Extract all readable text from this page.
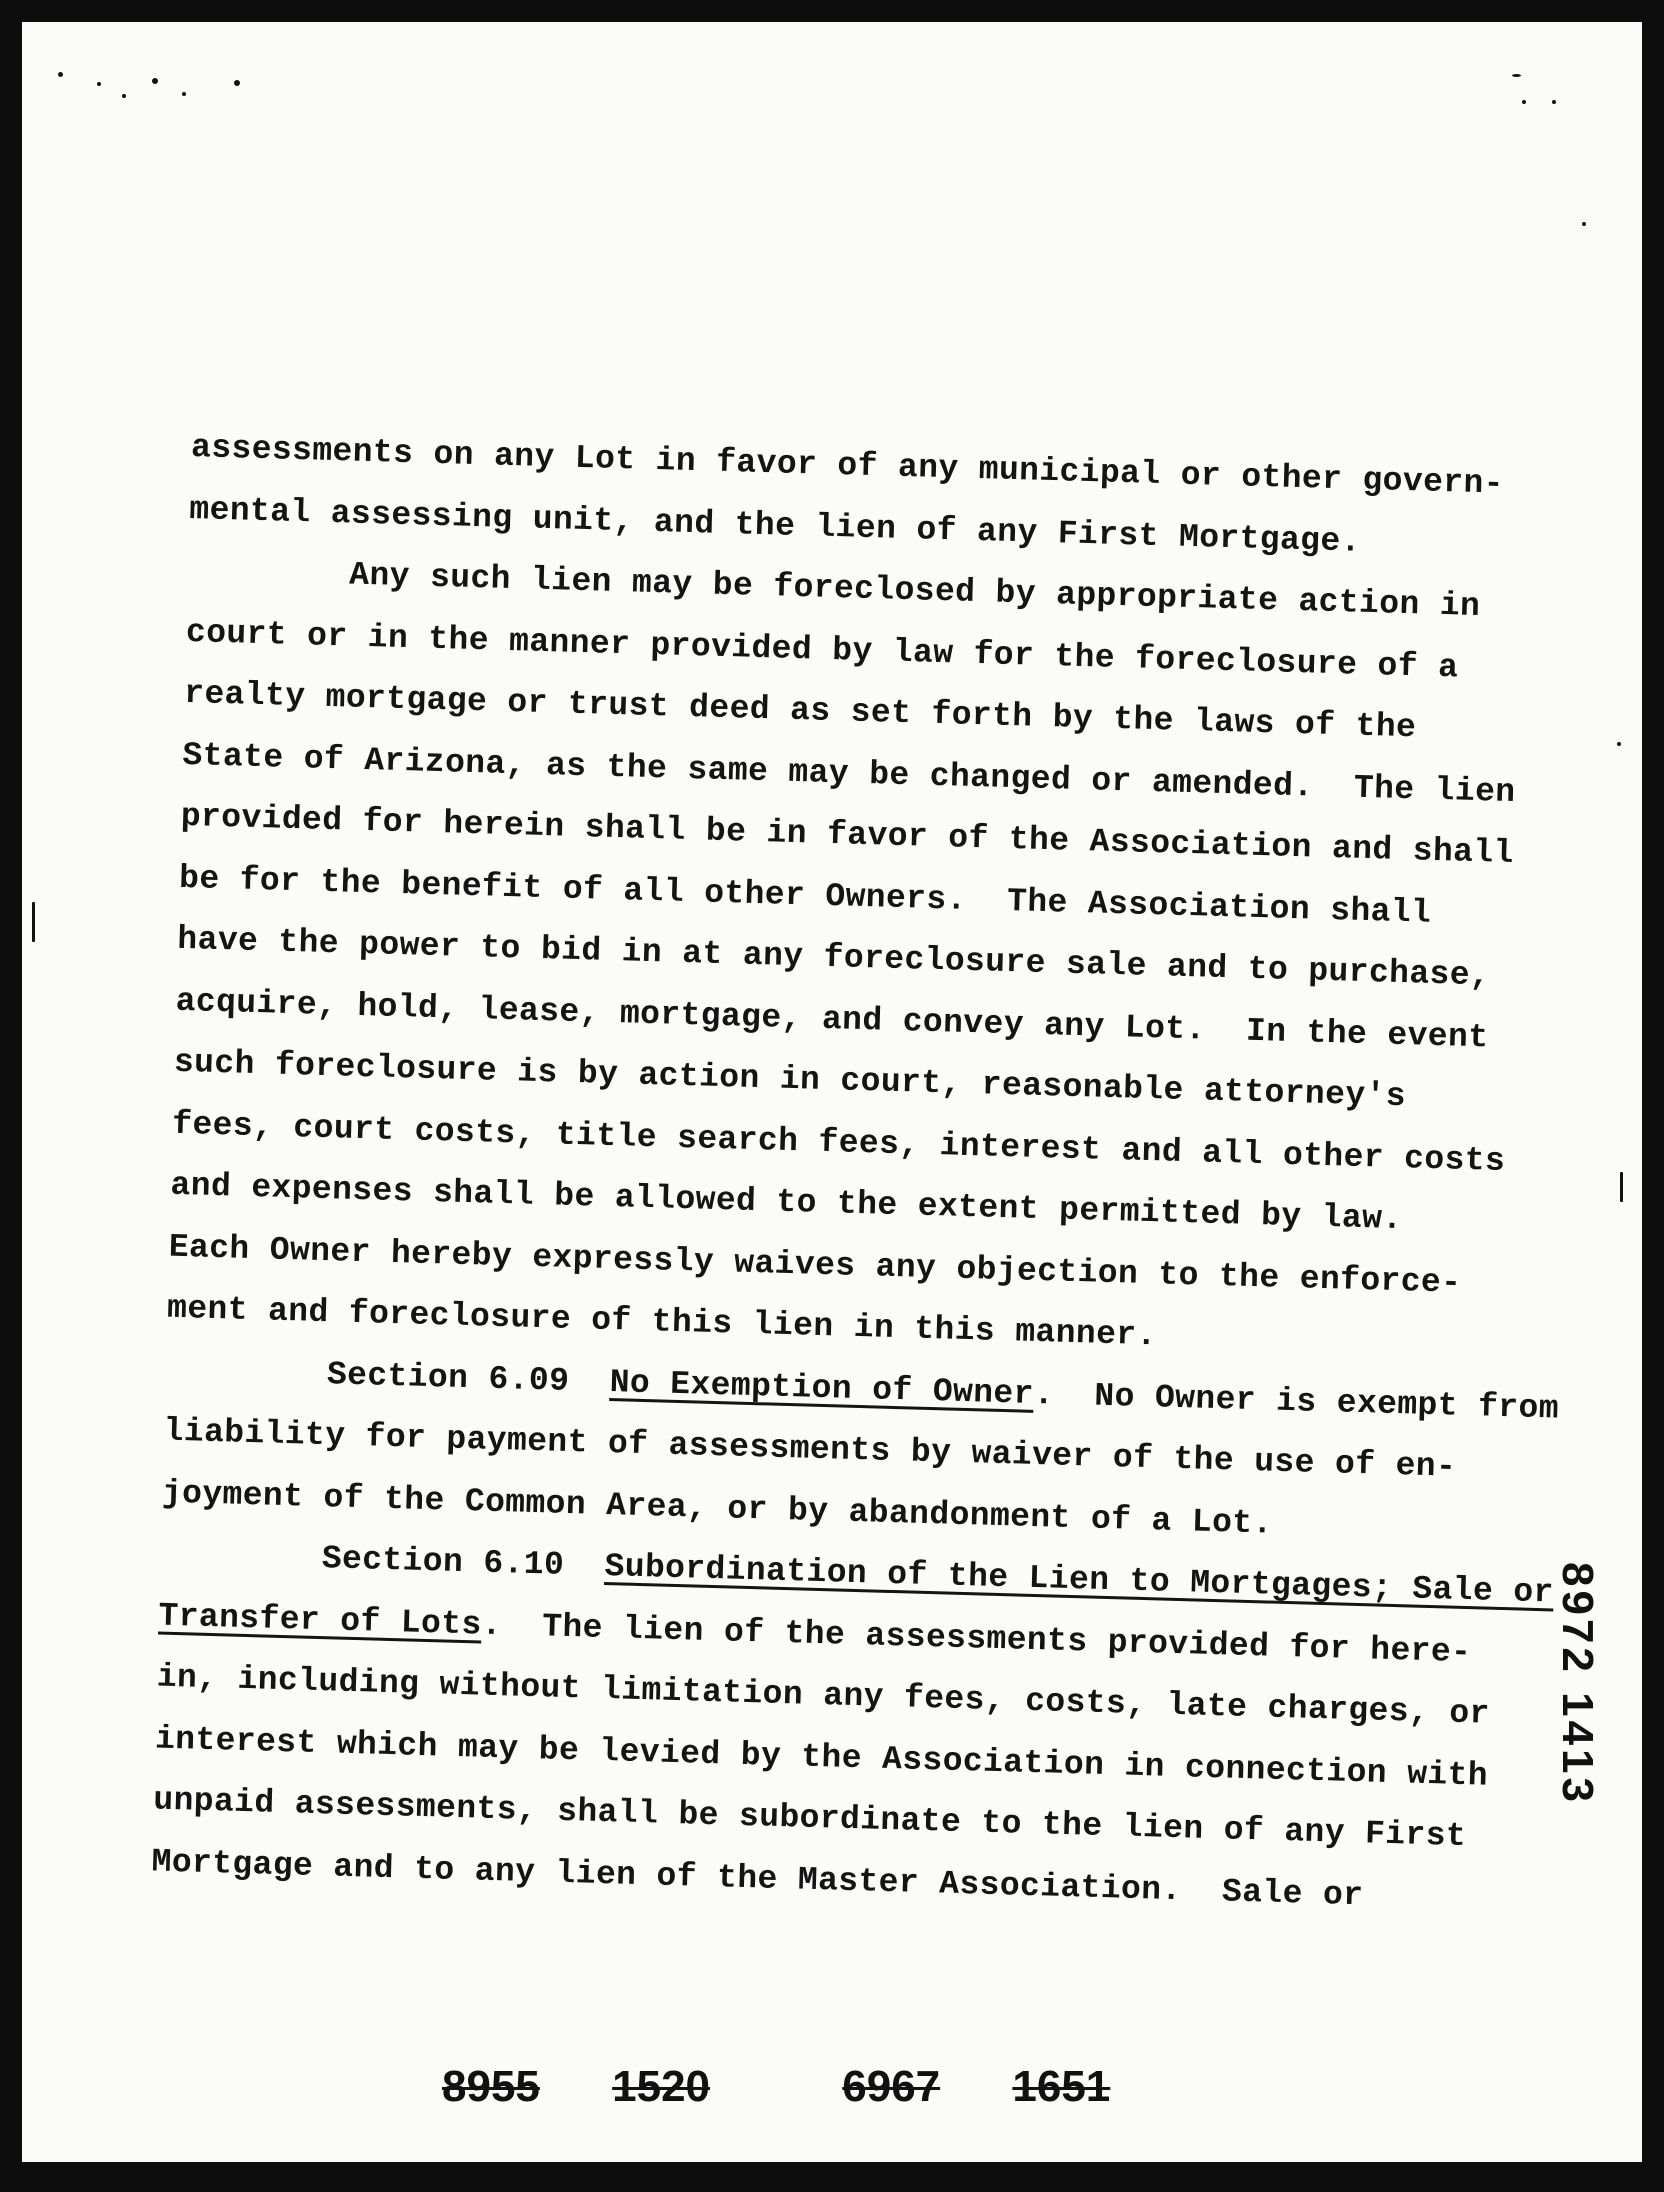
assessments on any Lot in favor of any municipal or other govern-
mental assessing unit, and the lien of any First Mortgage.
Any such lien may be foreclosed by appropriate action in
court or in the manner provided by law for the foreclosure of a
realty mortgage or trust deed as set forth by the laws of the
State of Arizona, as the same may be changed or amended.  The lien
provided for herein shall be in favor of the Association and shall
be for the benefit of all other Owners.  The Association shall
have the power to bid in at any foreclosure sale and to purchase,
acquire, hold, lease, mortgage, and convey any Lot.  In the event
such foreclosure is by action in court, reasonable attorney's
fees, court costs, title search fees, interest and all other costs
and expenses shall be allowed to the extent permitted by law.
Each Owner hereby expressly waives any objection to the enforce-
ment and foreclosure of this lien in this manner.
Section 6.09  No Exemption of Owner.  No Owner is exempt from
liability for payment of assessments by waiver of the use of en-
joyment of the Common Area, or by abandonment of a Lot.
Section 6.10  Subordination of the Lien to Mortgages; Sale or
Transfer of Lots.  The lien of the assessments provided for here-
in, including without limitation any fees, costs, late charges, or
interest which may be levied by the Association in connection with
unpaid assessments, shall be subordinate to the lien of any First
Mortgage and to any lien of the Master Association.  Sale or
8972 1413
8955 1520	6967 1651
